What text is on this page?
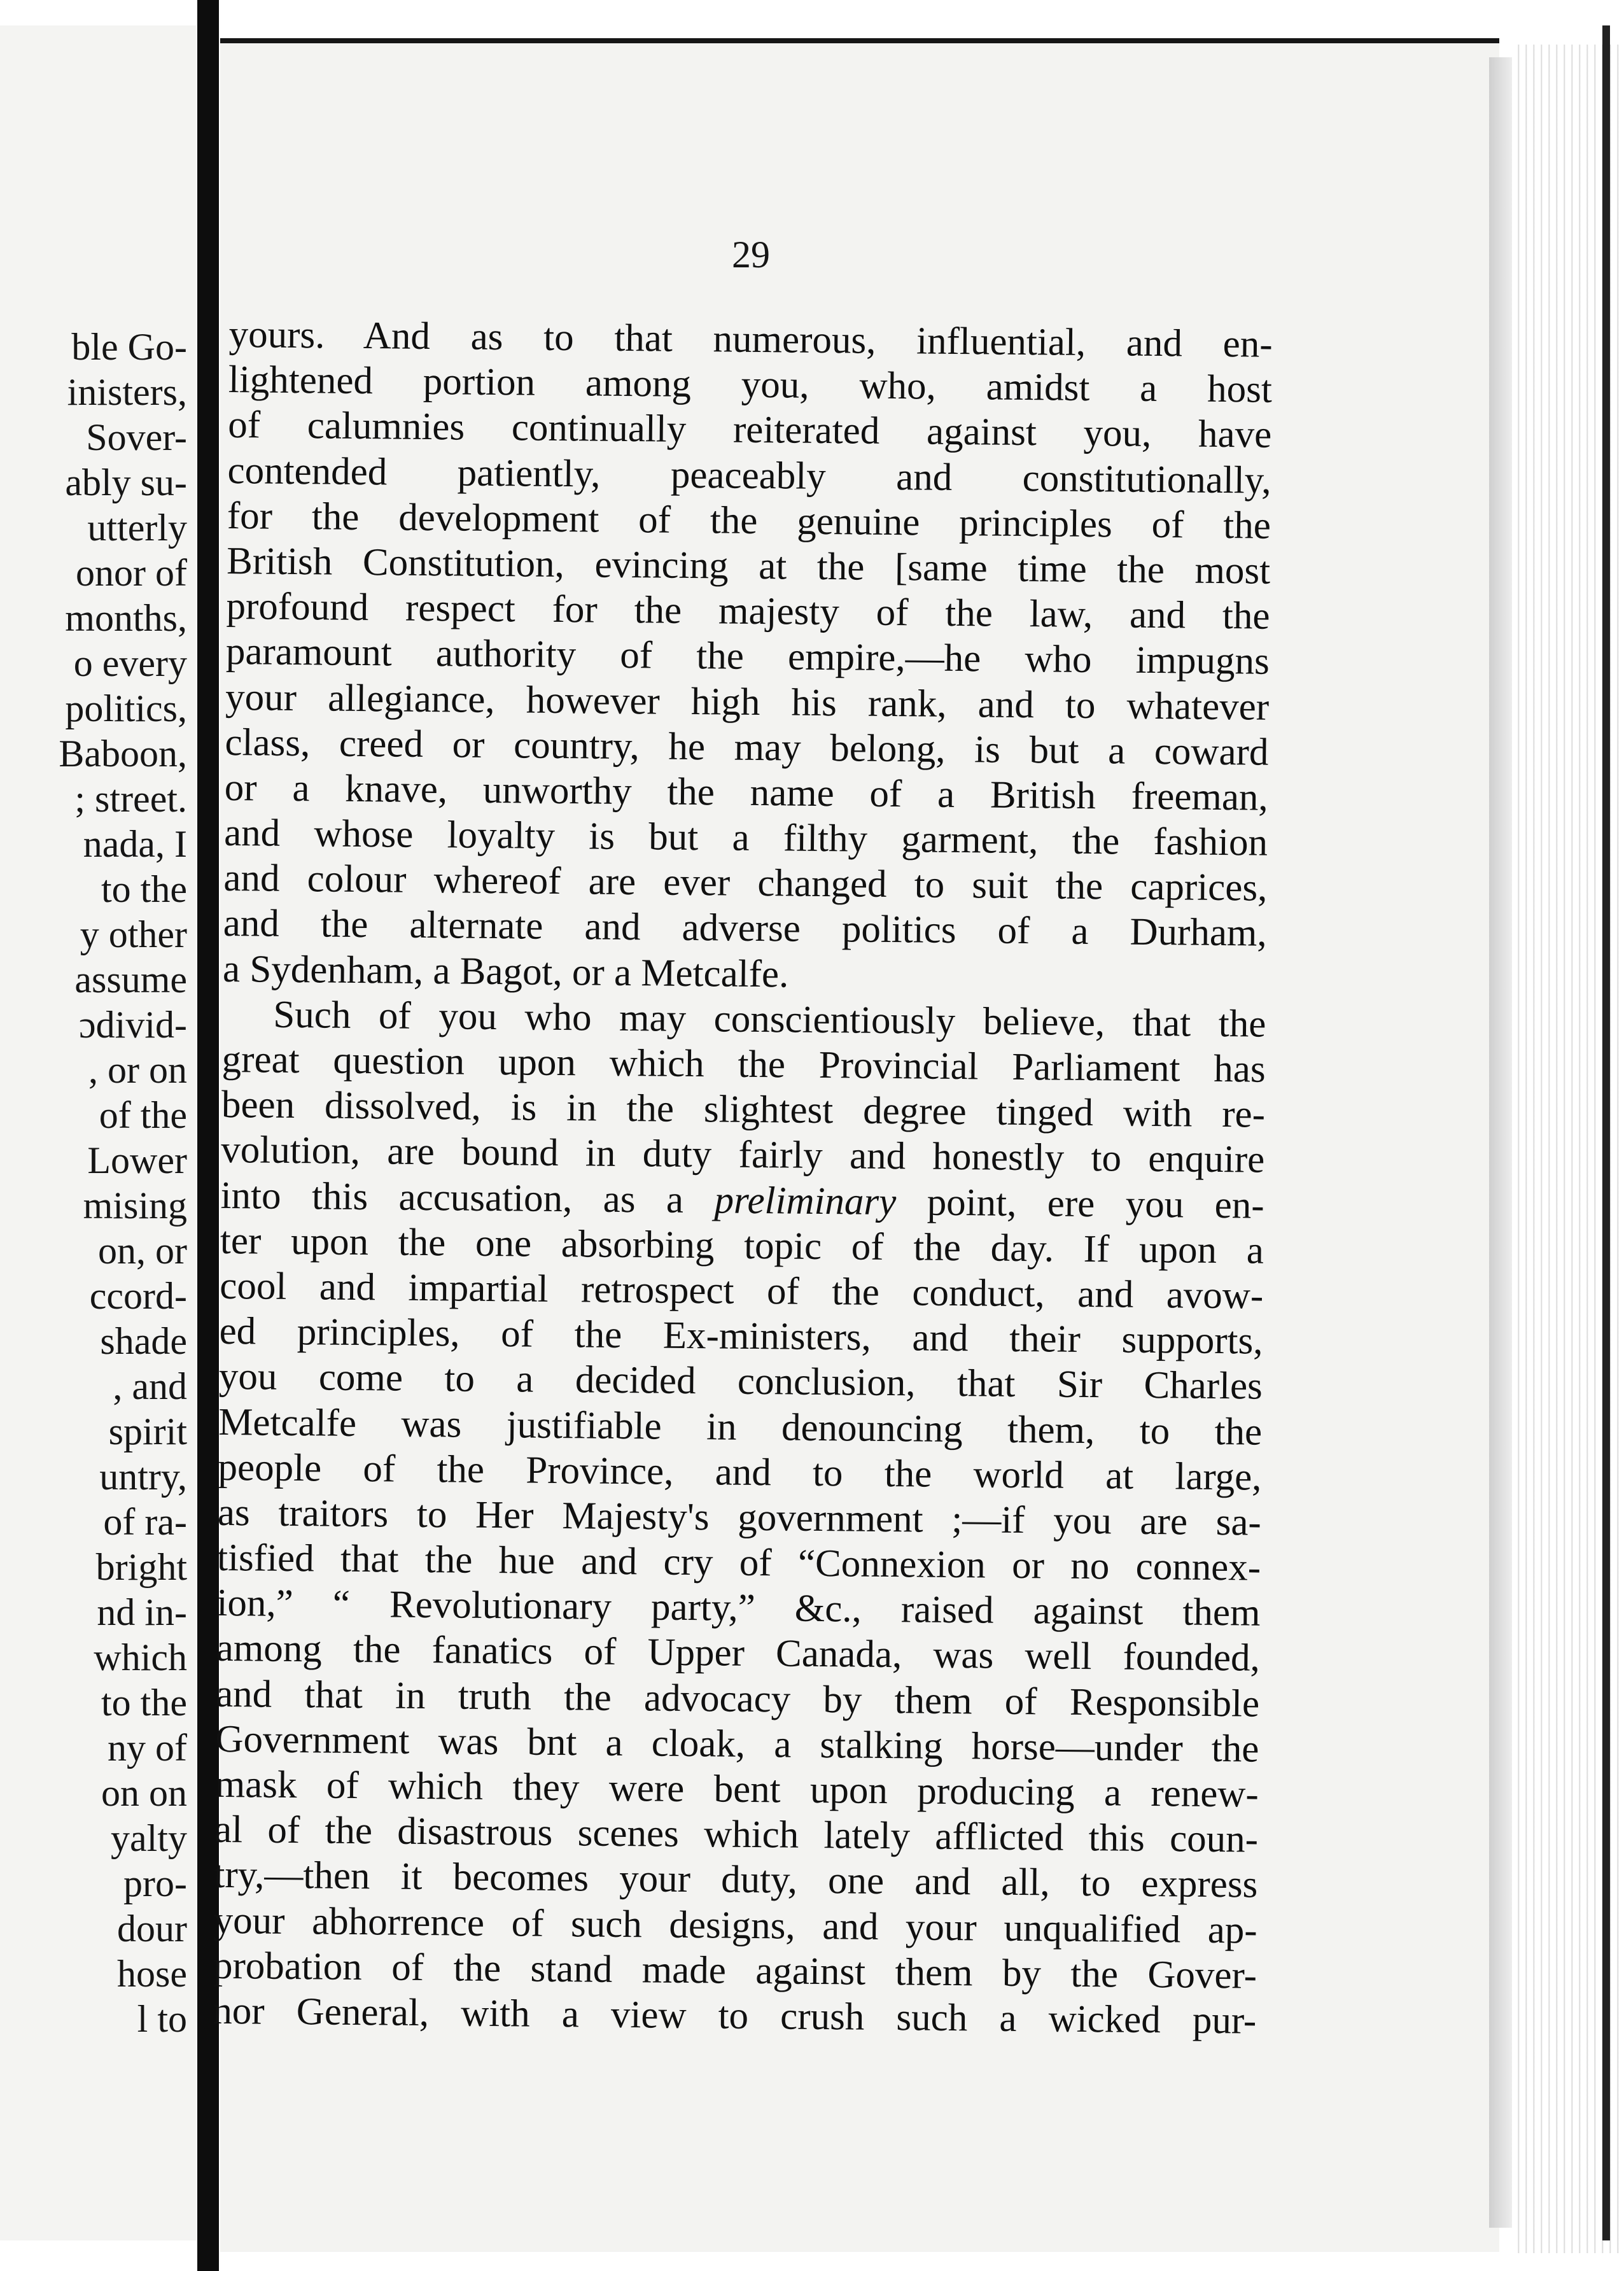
ble Go-
inisters,
Sover-
ably su-
utterly
onor of
months,
o every
politics,
Baboon,
; street.
nada, I
to the
y other
assume
ɔdivid-
, or on
of the
Lower
mising
on, or
ccord-
shade
, and
spirit
untry,
of ra-
bright
nd in-
which
to the
ny of
on on
yalty
pro-
dour
hose
l to
29
yours. And as to that numerous, influential, and en-
lightened portion among you, who, amidst a host
of calumnies continually reiterated against you, have
contended patiently, peaceably and constitutionally,
for the development of the genuine principles of the
British Constitution, evincing at the [same time the most
profound respect for the majesty of the law, and the
paramount authority of the empire,—he who impugns
your allegiance, however high his rank, and to whatever
class, creed or country, he may belong, is but a coward
or a knave, unworthy the name of a British freeman,
and whose loyalty is but a filthy garment, the fashion
and colour whereof are ever changed to suit the caprices,
and the alternate and adverse politics of a Durham,
a Sydenham, a Bagot, or a Metcalfe.
Such of you who may conscientiously believe, that the
great question upon which the Provincial Parliament has
been dissolved, is in the slightest degree tinged with re-
volution, are bound in duty fairly and honestly to enquire
into this accusation, as a preliminary point, ere you en-
ter upon the one absorbing topic of the day. If upon a
cool and impartial retrospect of the conduct, and avow-
ed principles, of the Ex-ministers, and their supports,
you come to a decided conclusion, that Sir Charles
Metcalfe was justifiable in denouncing them, to the
people of the Province, and to the world at large,
as traitors to Her Majesty's government ;—if you are sa-
tisfied that the hue and cry of “Connexion or no connex-
ion,” “ Revolutionary party,” &c., raised against them
among the fanatics of Upper Canada, was well founded,
and that in truth the advocacy by them of Responsible
Government was bnt a cloak, a stalking horse—under the
mask of which they were bent upon producing a renew-
al of the disastrous scenes which lately afflicted this coun-
try,—then it becomes your duty, one and all, to express
your abhorrence of such designs, and your unqualified ap-
probation of the stand made against them by the Gover-
nor General, with a view to crush such a wicked pur-
